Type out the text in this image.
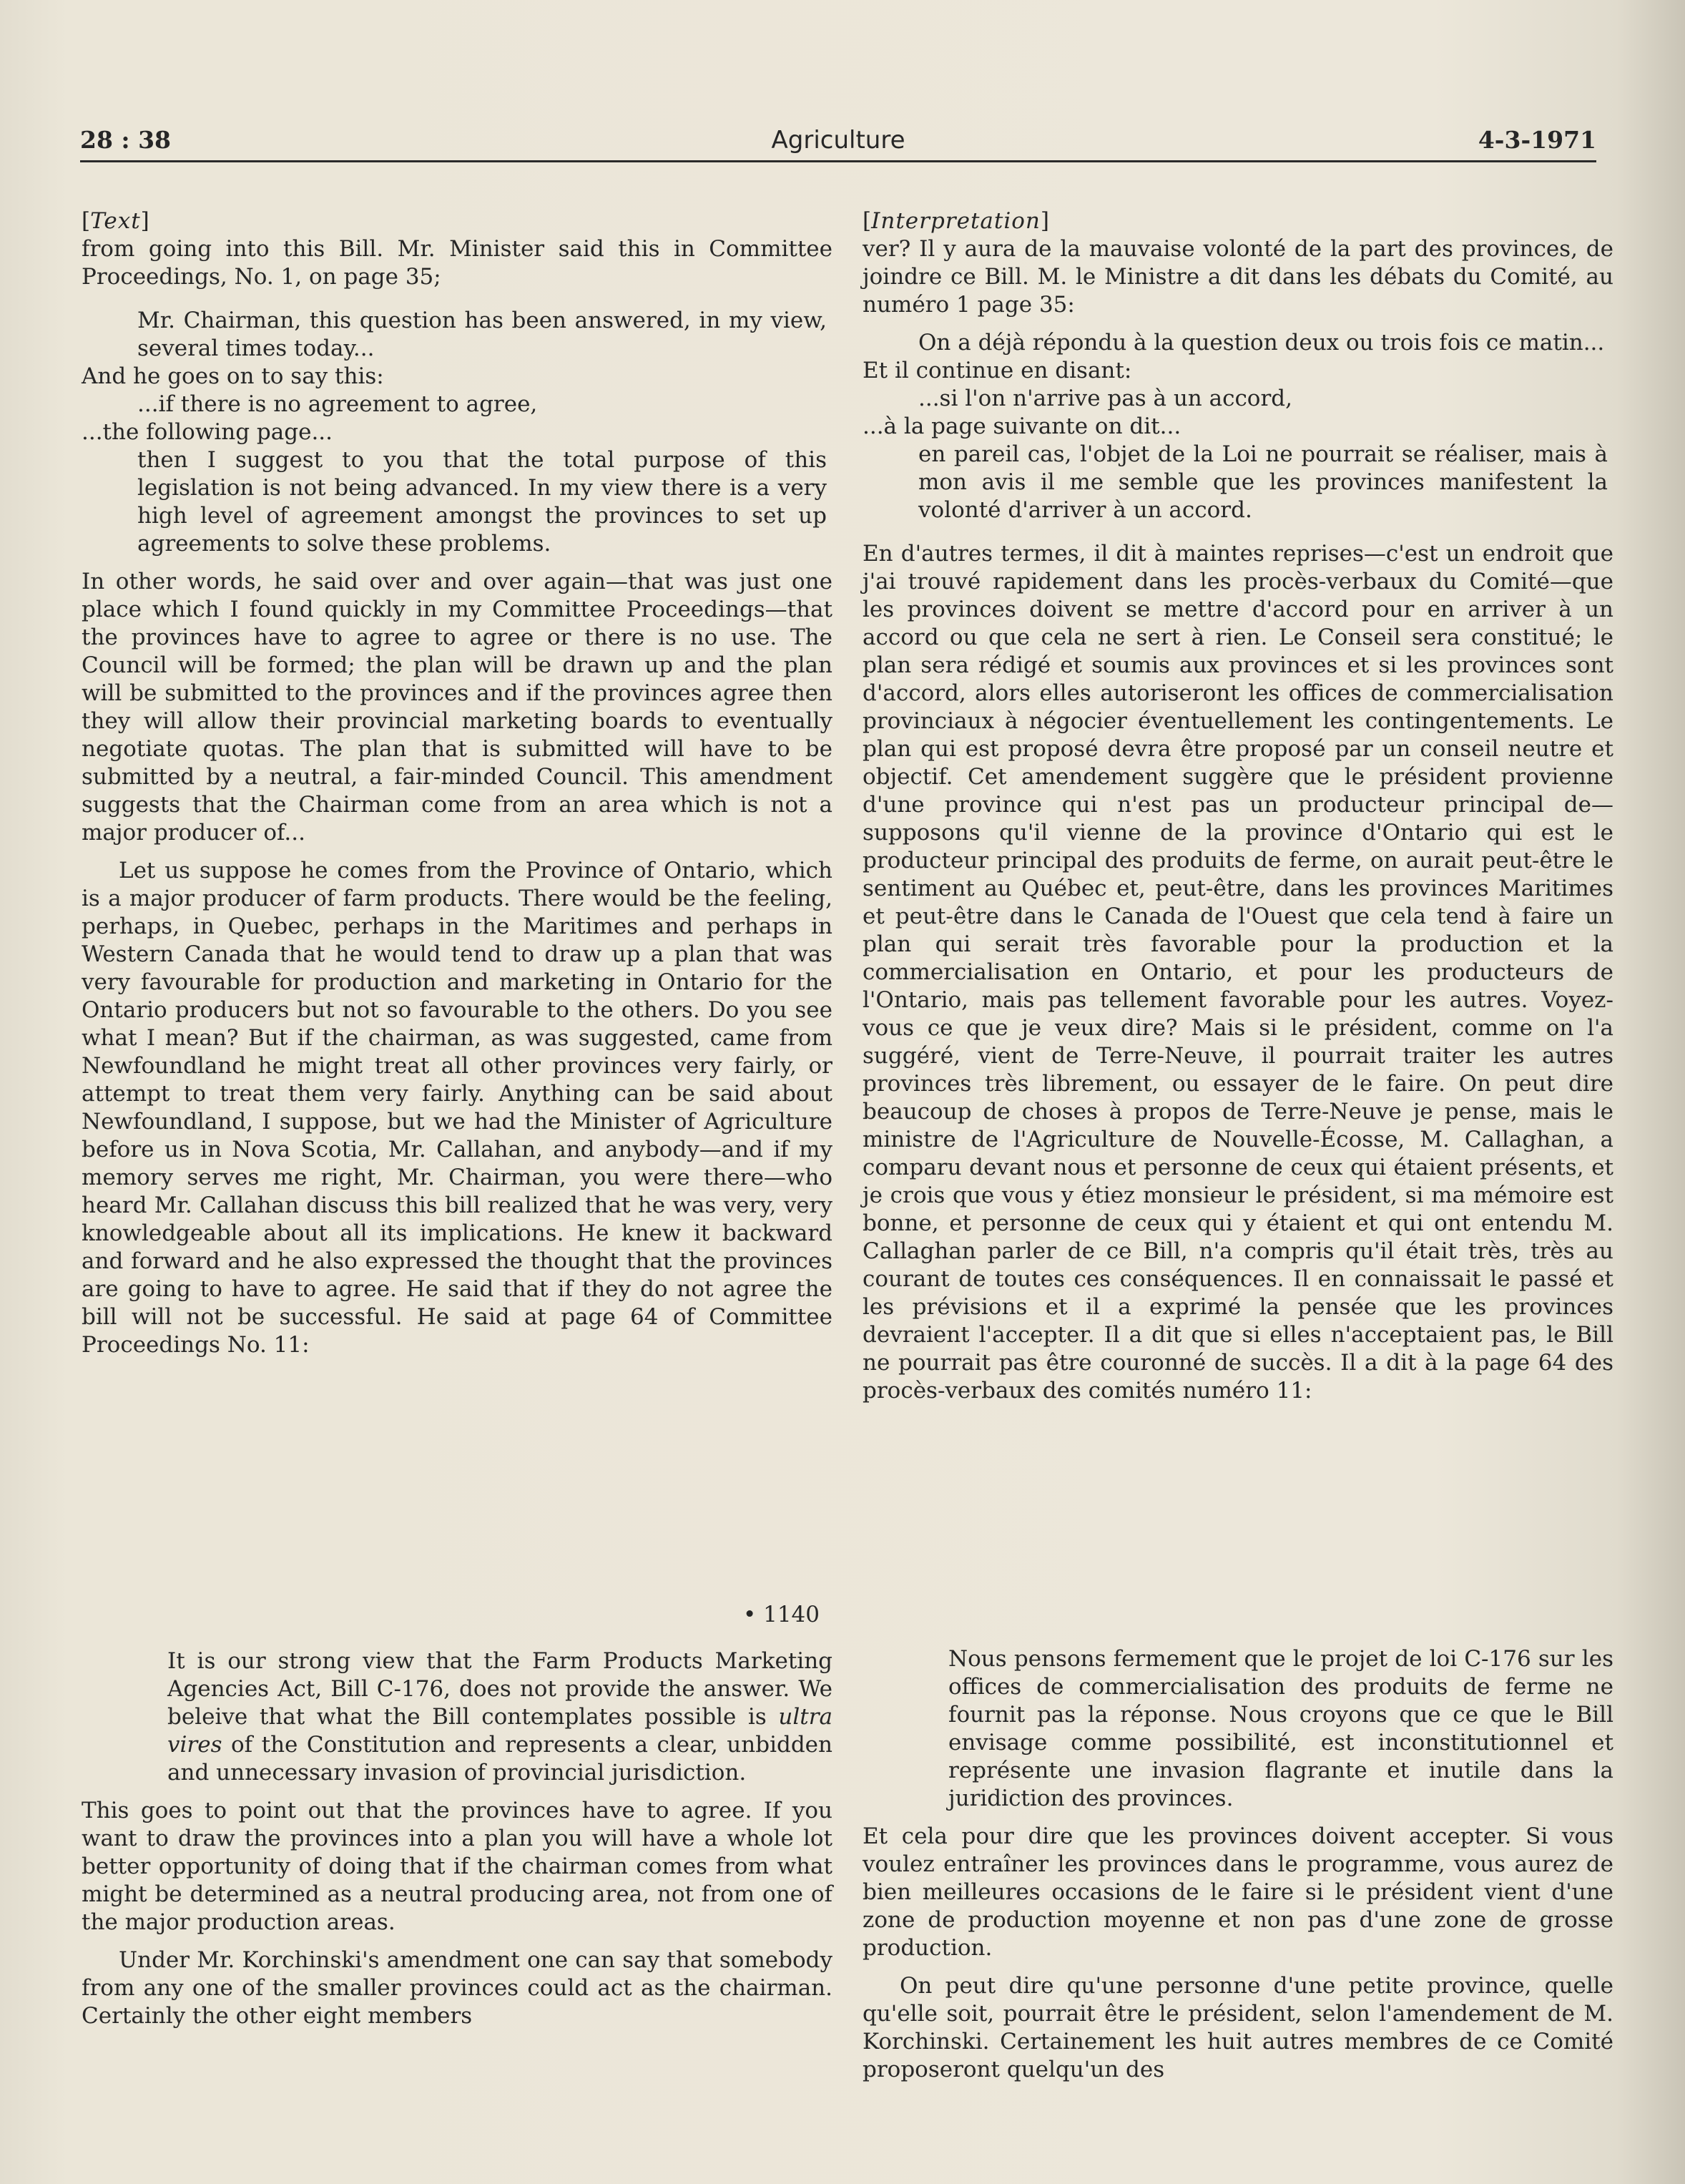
28 : 38	Agriculture	4-3-1971

[Text]

from going into this Bill. Mr. Minister said this in Committee Proceedings, No. 1, on page 35;

Mr. Chairman, this question has been answered, in my view, several times today...

And he goes on to say this:

...if there is no agreement to agree,

...the following page...

then I suggest to you that the total purpose of this legislation is not being advanced. In my view there is a very high level of agreement amongst the provinces to set up agreements to solve these problems.

In other words, he said over and over again—that was just one place which I found quickly in my Committee Proceedings—that the provinces have to agree to agree or there is no use. The Council will be formed; the plan will be drawn up and the plan will be submitted to the provinces and if the provinces agree then they will allow their provincial marketing boards to eventually negotiate quotas. The plan that is submitted will have to be submitted by a neutral, a fair-minded Council. This amendment suggests that the Chairman come from an area which is not a major producer of...

Let us suppose he comes from the Province of Ontario, which is a major producer of farm products. There would be the feeling, perhaps, in Quebec, perhaps in the Maritimes and perhaps in Western Canada that he would tend to draw up a plan that was very favourable for production and marketing in Ontario for the Ontario producers but not so favourable to the others. Do you see what I mean? But if the chairman, as was suggested, came from Newfoundland he might treat all other provinces very fairly, or attempt to treat them very fairly. Anything can be said about Newfoundland, I suppose, but we had the Minister of Agriculture before us in Nova Scotia, Mr. Callahan, and anybody—and if my memory serves me right, Mr. Chairman, you were there—who heard Mr. Callahan discuss this bill realized that he was very, very knowledgeable about all its implications. He knew it backward and forward and he also expressed the thought that the provinces are going to have to agree. He said that if they do not agree the bill will not be successful. He said at page 64 of Committee Proceedings No. 11:

• 1140

It is our strong view that the Farm Products Marketing Agencies Act, Bill C-176, does not provide the answer. We beleive that what the Bill contemplates possible is ultra vires of the Constitution and represents a clear, unbidden and unnecessary invasion of provincial jurisdiction.

This goes to point out that the provinces have to agree. If you want to draw the provinces into a plan you will have a whole lot better opportunity of doing that if the chairman comes from what might be determined as a neutral producing area, not from one of the major production areas.

Under Mr. Korchinski's amendment one can say that somebody from any one of the smaller provinces could act as the chairman. Certainly the other eight members

[Interpretation]

ver? Il y aura de la mauvaise volonté de la part des provinces, de joindre ce Bill. M. le Ministre a dit dans les débats du Comité, au numéro 1 page 35:

On a déjà répondu à la question deux ou trois fois ce matin...

Et il continue en disant:

...si l'on n'arrive pas à un accord,

...à la page suivante on dit...

en pareil cas, l'objet de la Loi ne pourrait se réaliser, mais à mon avis il me semble que les provinces manifestent la volonté d'arriver à un accord.

En d'autres termes, il dit à maintes reprises—c'est un endroit que j'ai trouvé rapidement dans les procès-verbaux du Comité—que les provinces doivent se mettre d'accord pour en arriver à un accord ou que cela ne sert à rien. Le Conseil sera constitué; le plan sera rédigé et soumis aux provinces et si les provinces sont d'accord, alors elles autoriseront les offices de commercialisation provinciaux à négocier éventuellement les contingentements. Le plan qui est proposé devra être proposé par un conseil neutre et objectif. Cet amendement suggère que le président provienne d'une province qui n'est pas un producteur principal de—supposons qu'il vienne de la province d'Ontario qui est le producteur principal des produits de ferme, on aurait peut-être le sentiment au Québec et, peut-être, dans les provinces Maritimes et peut-être dans le Canada de l'Ouest que cela tend à faire un plan qui serait très favorable pour la production et la commercialisation en Ontario, et pour les producteurs de l'Ontario, mais pas tellement favorable pour les autres. Voyez-vous ce que je veux dire? Mais si le président, comme on l'a suggéré, vient de Terre-Neuve, il pourrait traiter les autres provinces très librement, ou essayer de le faire. On peut dire beaucoup de choses à propos de Terre-Neuve je pense, mais le ministre de l'Agriculture de Nouvelle-Écosse, M. Callaghan, a comparu devant nous et personne de ceux qui étaient présents, et je crois que vous y étiez monsieur le président, si ma mémoire est bonne, et personne de ceux qui y étaient et qui ont entendu M. Callaghan parler de ce Bill, n'a compris qu'il était très, très au courant de toutes ces conséquences. Il en connaissait le passé et les prévisions et il a exprimé la pensée que les provinces devraient l'accepter. Il a dit que si elles n'acceptaient pas, le Bill ne pourrait pas être couronné de succès. Il a dit à la page 64 des procès-verbaux des comités numéro 11:

Nous pensons fermement que le projet de loi C-176 sur les offices de commercialisation des produits de ferme ne fournit pas la réponse. Nous croyons que ce que le Bill envisage comme possibilité, est inconstitutionnel et représente une invasion flagrante et inutile dans la juridiction des provinces.

Et cela pour dire que les provinces doivent accepter. Si vous voulez entraîner les provinces dans le programme, vous aurez de bien meilleures occasions de le faire si le président vient d'une zone de production moyenne et non pas d'une zone de grosse production.

On peut dire qu'une personne d'une petite province, quelle qu'elle soit, pourrait être le président, selon l'amendement de M. Korchinski. Certainement les huit autres membres de ce Comité proposeront quelqu'un des
